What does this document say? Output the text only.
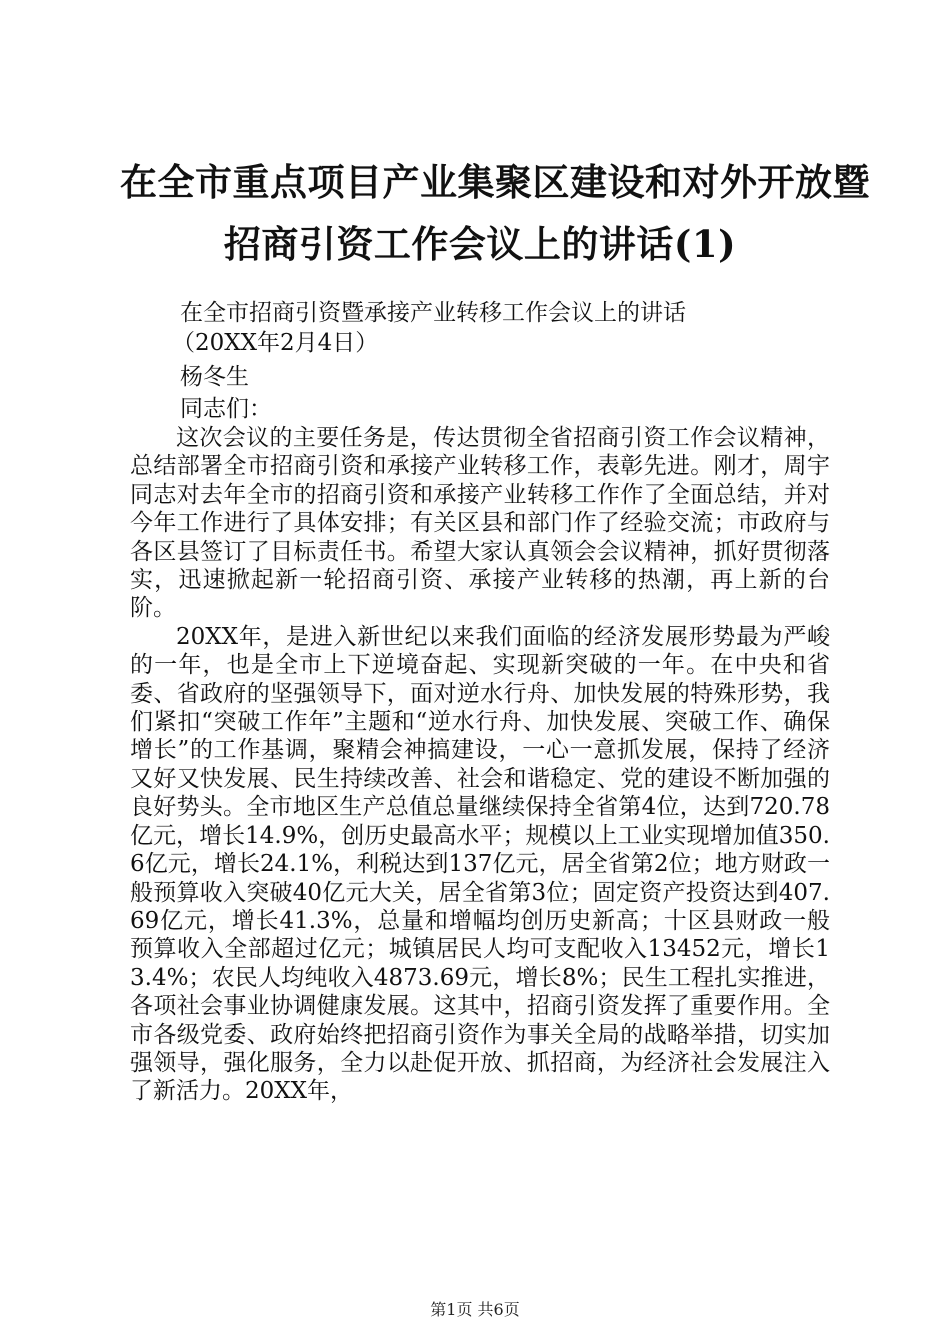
在全市重点项目产业集聚区建设和对外开放暨
招商引资工作会议上的讲话(1)
在全市招商引资暨承接产业转移工作会议上的讲话
（20XX年2月4日）
杨冬生
同志们：

这次会议的主要任务是，传达贯彻全省招商引资工作会议精神，总结部署全市招商引资和承接产业转移工作，表彰先进。刚才，周宇同志对去年全市的招商引资和承接产业转移工作作了全面总结，并对今年工作进行了具体安排；有关区县和部门作了经验交流；市政府与各区县签订了目标责任书。希望大家认真领会会议精神，抓好贯彻落实，迅速掀起新一轮招商引资、承接产业转移的热潮，再上新的台阶。

20XX年，是进入新世纪以来我们面临的经济发展形势最为严峻的一年，也是全市上下逆境奋起、实现新突破的一年。在中央和省委、省政府的坚强领导下，面对逆水行舟、加快发展的特殊形势，我们紧扣“突破工作年”主题和“逆水行舟、加快发展、突破工作、确保增长”的工作基调，聚精会神搞建设，一心一意抓发展，保持了经济又好又快发展、民生持续改善、社会和谐稳定、党的建设不断加强的良好势头。全市地区生产总值总量继续保持全省第4位，达到720.78亿元，增长14.9%，创历史最高水平；规模以上工业实现增加值350.6亿元，增长24.1%，利税达到137亿元，居全省第2位；地方财政一般预算收入突破40亿元大关，居全省第3位；固定资产投资达到407.69亿元，增长41.3%，总量和增幅均创历史新高；十区县财政一般预算收入全部超过亿元；城镇居民人均可支配收入13452元，增长13.4%；农民人均纯收入4873.69元，增长8%；民生工程扎实推进，各项社会事业协调健康发展。这其中，招商引资发挥了重要作用。全市各级党委、政府始终把招商引资作为事关全局的战略举措，切实加强领导，强化服务，全力以赴促开放、抓招商，为经济社会发展注入了新活力。20XX年，

第1页 共6页
